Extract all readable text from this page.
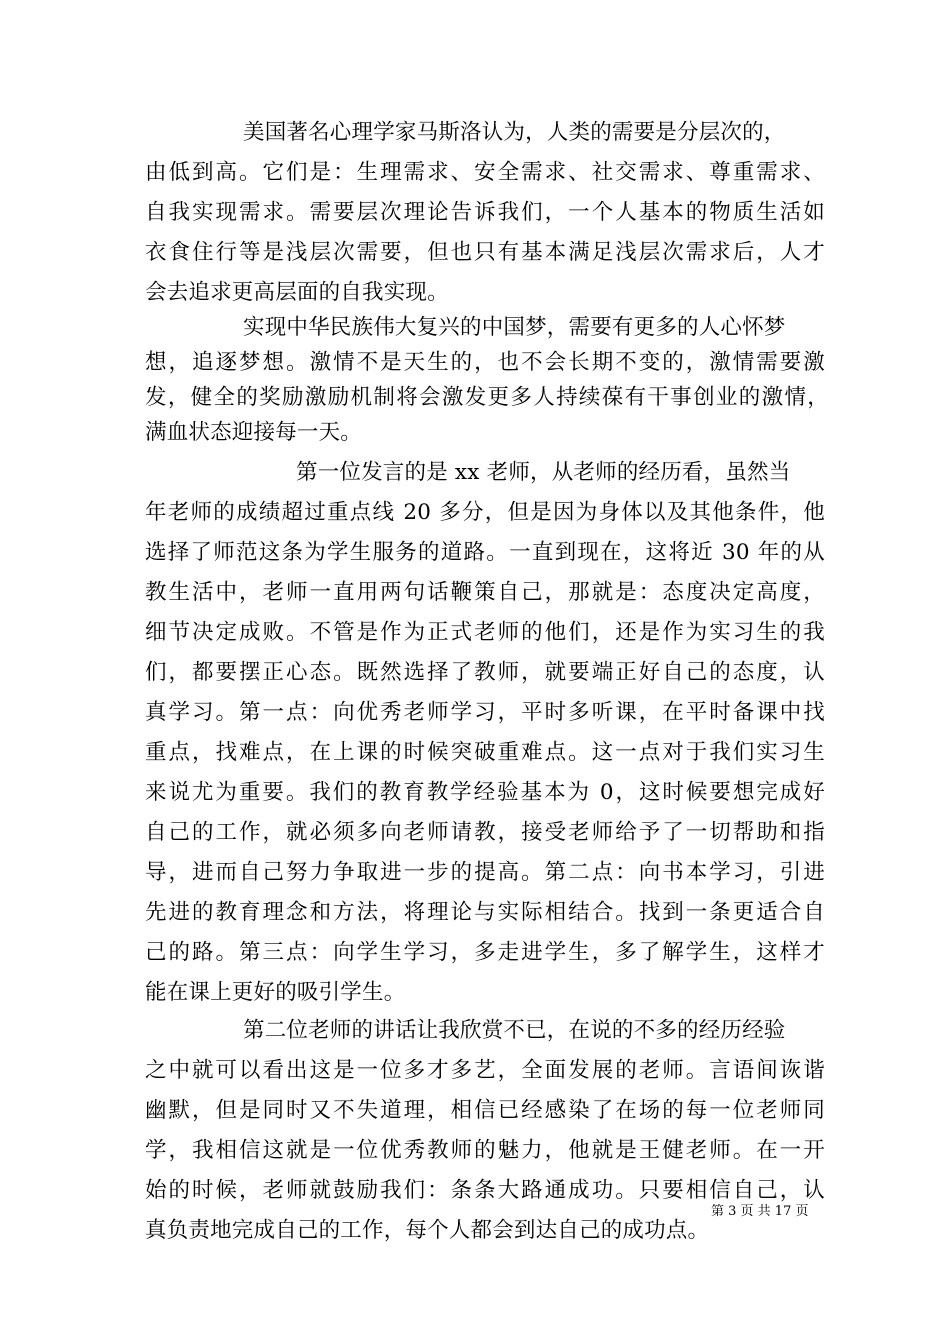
美国著名心理学家马斯洛认为，人类的需要是分层次的，
由低到高。它们是：生理需求、安全需求、社交需求、尊重需求、
自我实现需求。需要层次理论告诉我们，一个人基本的物质生活如
衣食住行等是浅层次需要，但也只有基本满足浅层次需求后，人才
会去追求更高层面的自我实现。
实现中华民族伟大复兴的中国梦，需要有更多的人心怀梦
想，追逐梦想。激情不是天生的，也不会长期不变的，激情需要激
发，健全的奖励激励机制将会激发更多人持续葆有干事创业的激情，
满血状态迎接每一天。
第一位发言的是 xx 老师，从老师的经历看，虽然当
年老师的成绩超过重点线 20 多分，但是因为身体以及其他条件，他
选择了师范这条为学生服务的道路。一直到现在，这将近 30 年的从
教生活中，老师一直用两句话鞭策自己，那就是：态度决定高度，
细节决定成败。不管是作为正式老师的他们，还是作为实习生的我
们，都要摆正心态。既然选择了教师，就要端正好自己的态度，认
真学习。第一点：向优秀老师学习，平时多听课，在平时备课中找
重点，找难点，在上课的时候突破重难点。这一点对于我们实习生
来说尤为重要。我们的教育教学经验基本为 0，这时候要想完成好
自己的工作，就必须多向老师请教，接受老师给予了一切帮助和指
导，进而自己努力争取进一步的提高。第二点：向书本学习，引进
先进的教育理念和方法，将理论与实际相结合。找到一条更适合自
己的路。第三点：向学生学习，多走进学生，多了解学生，这样才
能在课上更好的吸引学生。
第二位老师的讲话让我欣赏不已，在说的不多的经历经验
之中就可以看出这是一位多才多艺，全面发展的老师。言语间诙谐
幽默，但是同时又不失道理，相信已经感染了在场的每一位老师同
学，我相信这就是一位优秀教师的魅力，他就是王健老师。在一开
始的时候，老师就鼓励我们：条条大路通成功。只要相信自己，认
第 3 页 共 17 页
真负责地完成自己的工作，每个人都会到达自己的成功点。
